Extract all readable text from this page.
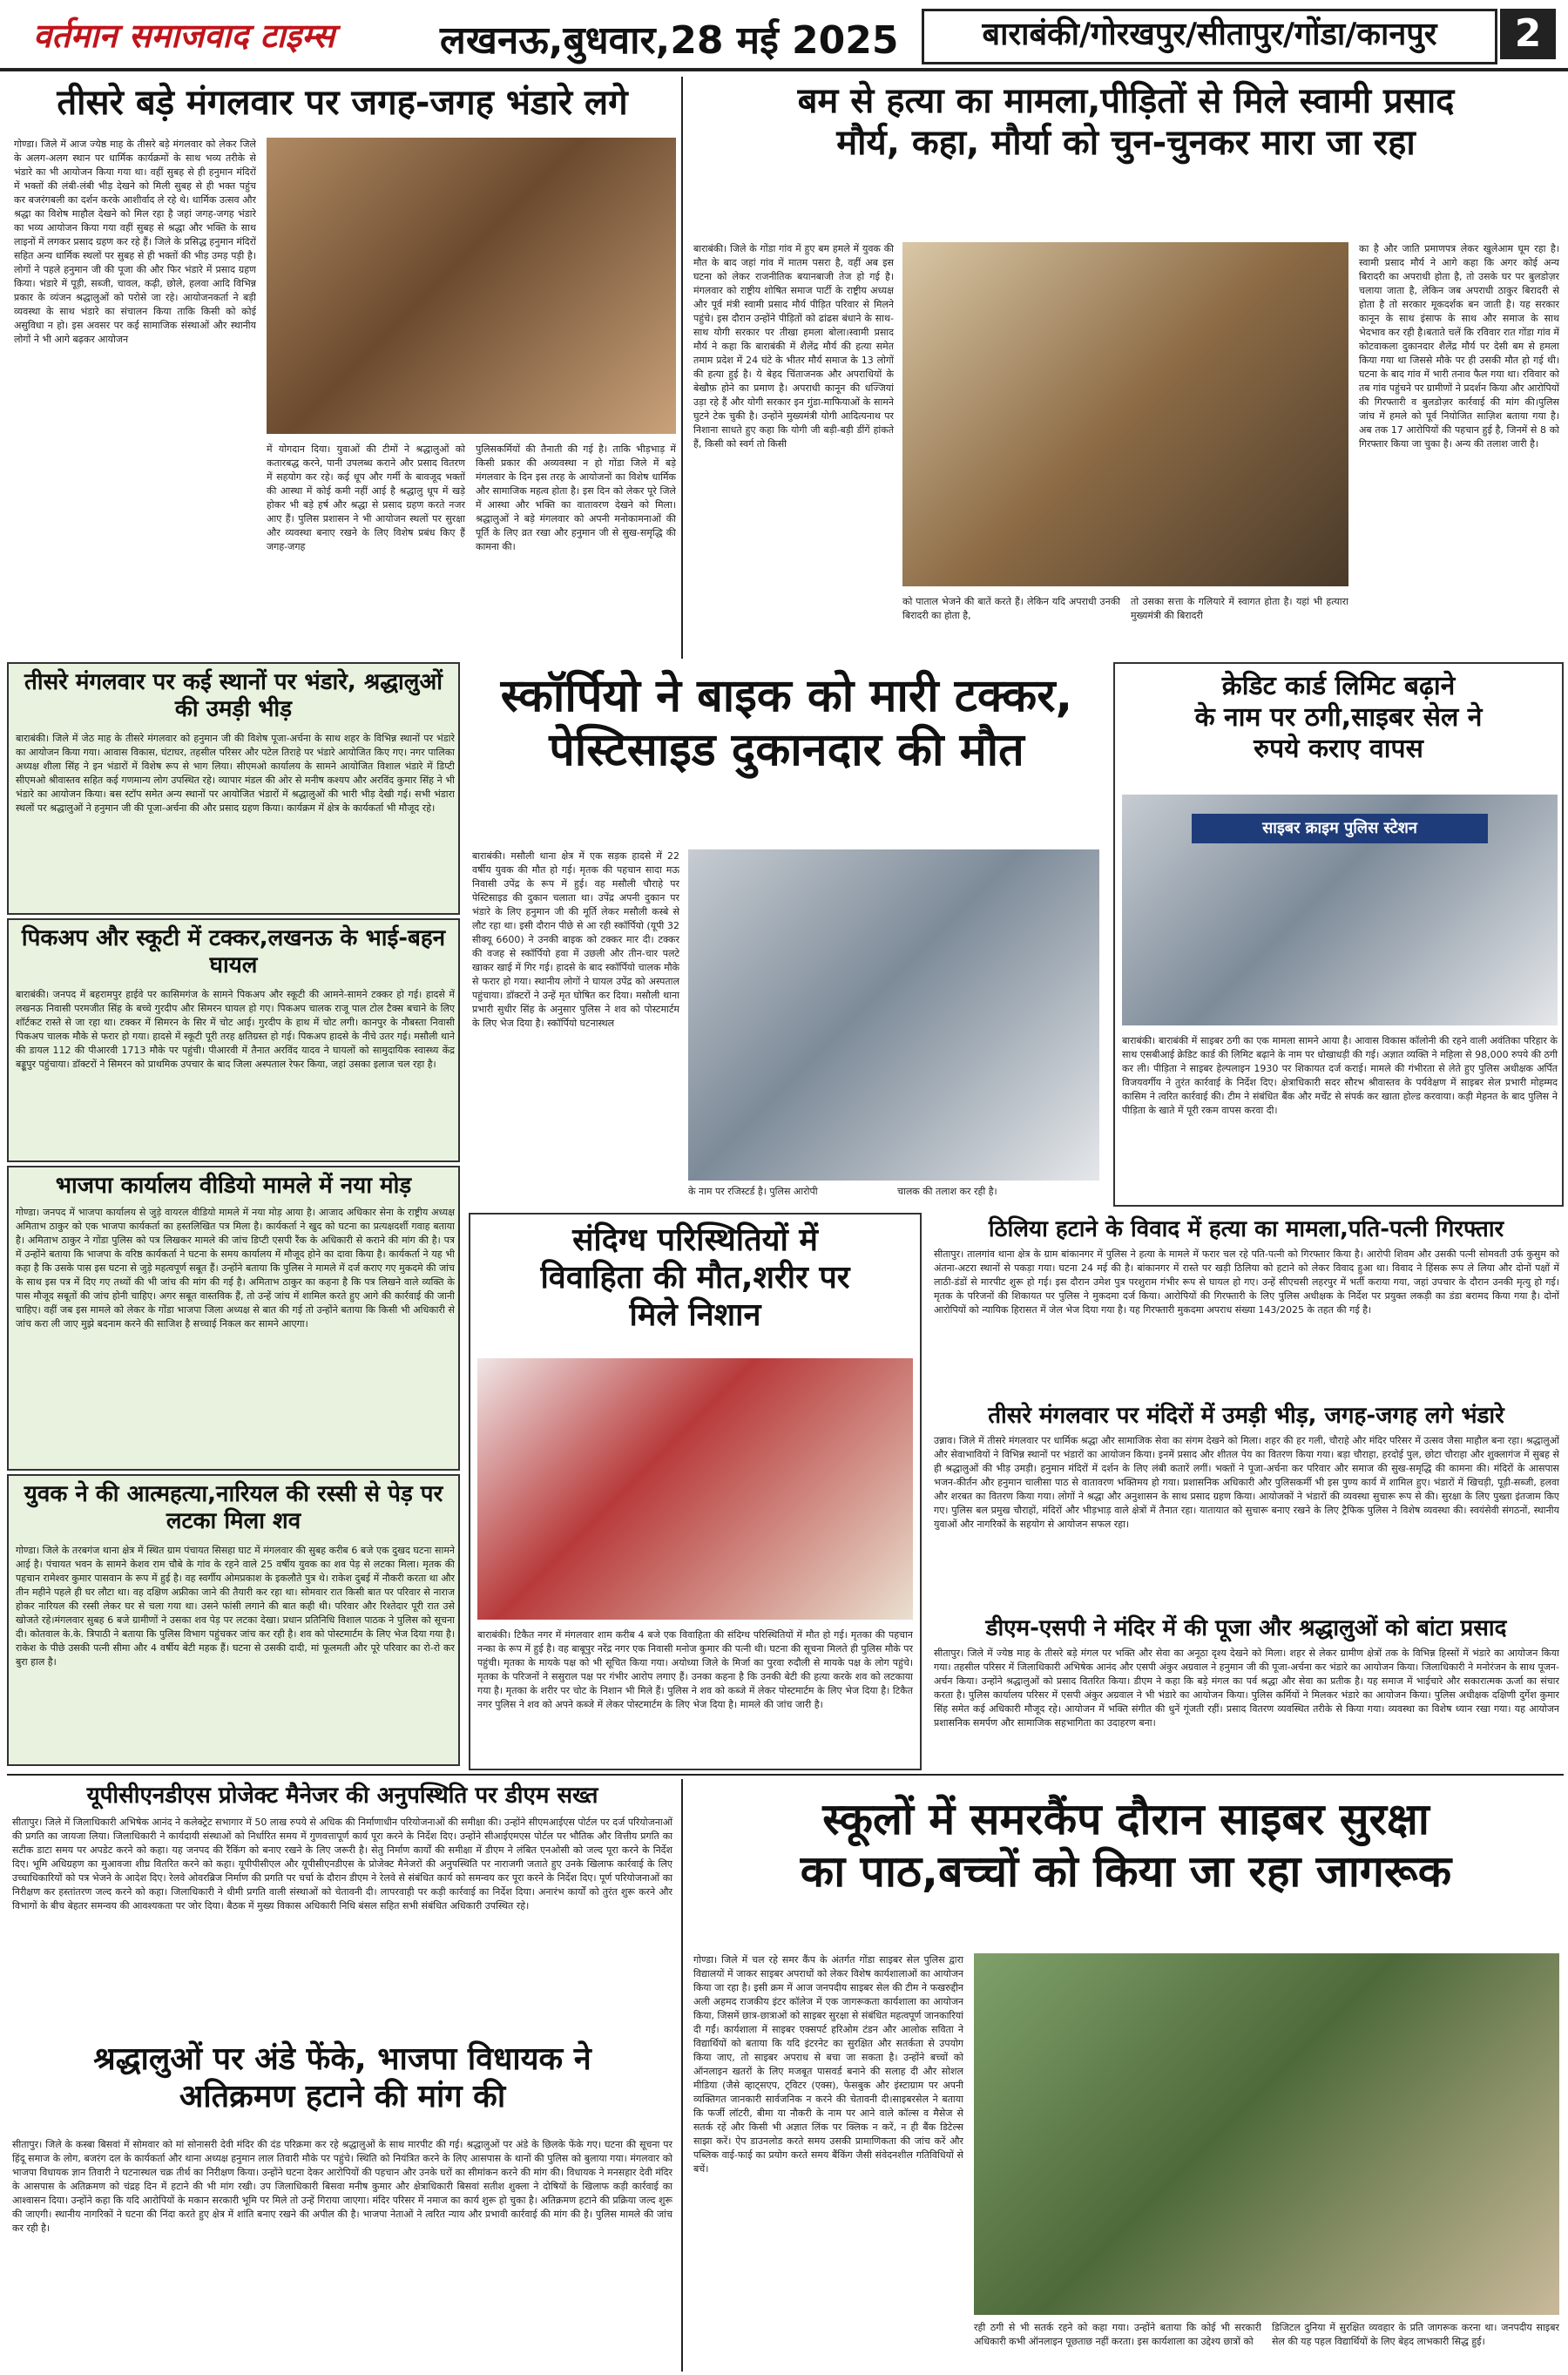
वर्तमान समाजवाद टाइम्स	लखनऊ,बुधवार,28 मई 2025	बाराबंकी/गोरखपुर/सीतापुर/गोंडा/कानपुर	2
तीसरे बड़े मंगलवार पर जगह-जगह भंडारे लगे
गोण्डा। जिले में आज ज्येष्ठ माह के तीसरे बड़े मंगलवार को लेकर जिले के अलग-अलग स्थान पर धार्मिक कार्यक्रमों के साथ भव्य तरीके से भंडारे का भी आयोजन किया गया था। वहीं सुबह से ही हनुमान मंदिरों में भक्तों की लंबी-लंबी भीड़ देखने को मिली सुबह से ही भक्त पहुंच कर बजरंगबली का दर्शन करके आशीर्वाद ले रहे थे। धार्मिक उत्सव और श्रद्धा का विशेष माहौल देखने को मिल रहा है जहां जगह-जगह भंडारे का भव्य आयोजन किया गया वहीं सुबह से श्रद्धा और भक्ति के साथ लाइनों में लगकर प्रसाद ग्रहण कर रहे हैं। जिले के प्रसिद्ध हनुमान मंदिरों सहित अन्य धार्मिक स्थलों पर सुबह से ही भक्तों की भीड़ उमड़ पड़ी है। लोगों ने पहले हनुमान जी की पूजा की और फिर भंडारे में प्रसाद ग्रहण किया। भंडारे में पूड़ी, सब्जी, चावल, कढ़ी, छोले, हलवा आदि विभिन्न प्रकार के व्यंजन श्रद्धालुओं को परोसे जा रहे। आयोजनकर्ता ने बड़ी व्यवस्था के साथ भंडारे का संचालन किया ताकि किसी को कोई असुविधा न हो। इस अवसर पर कई सामाजिक संस्थाओं और स्थानीय लोगों ने भी आगे बढ़कर आयोजन
में योगदान दिया। युवाओं की टीमों ने श्रद्धालुओं को कतारबद्ध करने, पानी उपलब्ध कराने और प्रसाद वितरण में सहयोग कर रहे। कई धूप और गर्मी के बावजूद भक्तों की आस्था में कोई कमी नहीं आई है श्रद्धालु धूप में खड़े होकर भी बड़े हर्ष और श्रद्धा से प्रसाद ग्रहण करते नजर आए हैं। पुलिस प्रशासन ने भी आयोजन स्थलों पर सुरक्षा और व्यवस्था बनाए रखने के लिए विशेष प्रबंध किए हैं जगह-जगह
पुलिसकर्मियों की तैनाती की गई है। ताकि भीड़भाड़ में किसी प्रकार की अव्यवस्था न हो गोंडा जिले में बड़े मंगलवार के दिन इस तरह के आयोजनों का विशेष धार्मिक और सामाजिक महत्व होता है। इस दिन को लेकर पूरे जिले में आस्था और भक्ति का वातावरण देखने को मिला। श्रद्धालुओं ने बड़े मंगलवार को अपनी मनोकामनाओं की पूर्ति के लिए व्रत रखा और हनुमान जी से सुख-समृद्धि की कामना की।
बम से हत्या का मामला,पीड़ितों से मिले स्वामी प्रसाद
मौर्य, कहा, मौर्या को चुन-चुनकर मारा जा रहा
बाराबंकी। जिले के गोंडा गांव में हुए बम हमले में युवक की मौत के बाद जहां गांव में मातम पसरा है, वहीं अब इस घटना को लेकर राजनीतिक बयानबाजी तेज हो गई है। मंगलवार को राष्ट्रीय शोषित समाज पार्टी के राष्ट्रीय अध्यक्ष और पूर्व मंत्री स्वामी प्रसाद मौर्य पीड़ित परिवार से मिलने पहुंचे। इस दौरान उन्होंने पीड़ितों को ढांढस बंधाने के साथ-साथ योगी सरकार पर तीखा हमला बोला।स्वामी प्रसाद मौर्य ने कहा कि बाराबंकी में शैलेंद्र मौर्य की हत्या समेत तमाम प्रदेश में 24 घंटे के भीतर मौर्य समाज के 13 लोगों की हत्या हुई है। ये बेहद चिंताजनक और अपराधियों के बेखौफ़ होने का प्रमाण है। अपराधी कानून की धज्जियां उड़ा रहे हैं और योगी सरकार इन गुंडा-माफियाओं के सामने घुटने टेक चुकी है। उन्होंने मुख्यमंत्री योगी आदित्यनाथ पर निशाना साधते हुए कहा कि योगी जी बड़ी-बड़ी डींगें हांकते हैं, किसी को स्वर्ग तो किसी
को पाताल भेजने की बातें करते हैं। लेकिन यदि अपराधी उनकी बिरादरी का होता है,
तो उसका सत्ता के गलियारे में स्वागत होता है। यहां भी हत्यारा मुख्यमंत्री की बिरादरी
का है और जाति प्रमाणपत्र लेकर खुलेआम घूम रहा है। स्वामी प्रसाद मौर्य ने आगे कहा कि अगर कोई अन्य बिरादरी का अपराधी होता है, तो उसके घर पर बुलडोज़र चलाया जाता है, लेकिन जब अपराधी ठाकुर बिरादरी से होता है तो सरकार मूकदर्शक बन जाती है। यह सरकार कानून के साथ इंसाफ के साथ और समाज के साथ भेदभाव कर रही है।बताते चलें कि रविवार रात गोंडा गांव में कोटवाकला दुकानदार शैलेंद्र मौर्य पर देसी बम से हमला किया गया था जिससे मौके पर ही उसकी मौत हो गई थी। घटना के बाद गांव में भारी तनाव फैल गया था। रविवार को तब गांव पहुंचने पर ग्रामीणों ने प्रदर्शन किया और आरोपियों की गिरफ्तारी व बुलडोज़र कार्रवाई की मांग की।पुलिस जांच में हमले को पूर्व नियोजित साज़िश बताया गया है। अब तक 17 आरोपियों की पहचान हुई है, जिनमें से 8 को गिरफ्तार किया जा चुका है। अन्य की तलाश जारी है।
तीसरे मंगलवार पर कई स्थानों पर भंडारे, श्रद्धालुओं की उमड़ी भीड़
बाराबंकी। जिले में जेठ माह के तीसरे मंगलवार को हनुमान जी की विशेष पूजा-अर्चना के साथ शहर के विभिन्न स्थानों पर भंडारे का आयोजन किया गया। आवास विकास, घंटाघर, तहसील परिसर और पटेल तिराहे पर भंडारे आयोजित किए गए। नगर पालिका अध्यक्ष शीला सिंह ने इन भंडारों में विशेष रूप से भाग लिया। सीएमओ कार्यालय के सामने आयोजित विशाल भंडारे में डिप्टी सीएमओ श्रीवास्तव सहित कई गणमान्य लोग उपस्थित रहे। व्यापार मंडल की ओर से मनीष कश्यप और अरविंद कुमार सिंह ने भी भंडारे का आयोजन किया। बस स्टॉप समेत अन्य स्थानों पर आयोजित भंडारों में श्रद्धालुओं की भारी भीड़ देखी गई। सभी भंडारा स्थलों पर श्रद्धालुओं ने हनुमान जी की पूजा-अर्चना की और प्रसाद ग्रहण किया। कार्यक्रम में क्षेत्र के कार्यकर्ता भी मौजूद रहे।
पिकअप और स्कूटी में टक्कर,लखनऊ के भाई-बहन घायल
बाराबंकी। जनपद में बहरामपुर हाईवे पर कासिमगंज के सामने पिकअप और स्कूटी की आमने-सामने टक्कर हो गई। हादसे में लखनऊ निवासी परमजीत सिंह के बच्चे गुरदीप और सिमरन घायल हो गए। पिकअप चालक राजू पाल टोल टैक्स बचाने के लिए शॉर्टकट रास्ते से जा रहा था। टक्कर में सिमरन के सिर में चोट आई। गुरदीप के हाथ में चोट लगी। कानपुर के नौबस्ता निवासी पिकअप चालक मौके से फरार हो गया। हादसे में स्कूटी पूरी तरह क्षतिग्रस्त हो गई। पिकअप हादसे के नीचे उतर गई। मसौली थाने की डायल 112 की पीआरवी 1713 मौके पर पहुंची। पीआरवी में तैनात अरविंद यादव ने घायलों को सामुदायिक स्वास्थ्य केंद्र बड्डूपुर पहुंचाया। डॉक्टरों ने सिमरन को प्राथमिक उपचार के बाद जिला अस्पताल रेफर किया, जहां उसका इलाज चल रहा है।
भाजपा कार्यालय वीडियो मामले में नया मोड़
गोण्डा। जनपद में भाजपा कार्यालय से जुड़े वायरल वीडियो मामले में नया मोड़ आया है। आजाद अधिकार सेना के राष्ट्रीय अध्यक्ष अमिताभ ठाकुर को एक भाजपा कार्यकर्ता का हस्तलिखित पत्र मिला है। कार्यकर्ता ने खुद को घटना का प्रत्यक्षदर्शी गवाह बताया है। अमिताभ ठाकुर ने गोंडा पुलिस को पत्र लिखकर मामले की जांच डिप्टी एसपी रैंक के अधिकारी से कराने की मांग की है। पत्र में उन्होंने बताया कि भाजपा के वरिष्ठ कार्यकर्ता ने घटना के समय कार्यालय में मौजूद होने का दावा किया है। कार्यकर्ता ने यह भी कहा है कि उसके पास इस घटना से जुड़े महत्वपूर्ण सबूत हैं। उन्होंने बताया कि पुलिस ने मामले में दर्ज कराए गए मुकदमे की जांच के साथ इस पत्र में दिए गए तथ्यों की भी जांच की मांग की गई है। अमिताभ ठाकुर का कहना है कि पत्र लिखने वाले व्यक्ति के पास मौजूद सबूतों की जांच होनी चाहिए। अगर सबूत वास्तविक हैं, तो उन्हें जांच में शामिल करते हुए आगे की कार्रवाई की जानी चाहिए। वहीं जब इस मामले को लेकर के गोंडा भाजपा जिला अध्यक्ष से बात की गई तो उन्होंने बताया कि किसी भी अधिकारी से जांच करा ली जाए मुझे बदनाम करने की साजिश है सच्चाई निकल कर सामने आएगा।
युवक ने की आत्महत्या,नारियल की रस्सी से पेड़ पर लटका मिला शव
गोण्डा। जिले के तरबगंज थाना क्षेत्र में स्थित ग्राम पंचायत सिसहा घाट में मंगलवार की सुबह करीब 6 बजे एक दुखद घटना सामने आई है। पंचायत भवन के सामने केशव राम चौबे के गांव के रहने वाले 25 वर्षीय युवक का शव पेड़ से लटका मिला। मृतक की पहचान रामेश्वर कुमार पासवान के रूप में हुई है। वह स्वर्गीय ओमप्रकाश के इकलौते पुत्र थे। राकेश दुबई में नौकरी करता था और तीन महीने पहले ही घर लौटा था। वह दक्षिण अफ्रीका जाने की तैयारी कर रहा था। सोमवार रात किसी बात पर परिवार से नाराज होकर नारियल की रस्सी लेकर घर से चला गया था। उसने फांसी लगाने की बात कही थी। परिवार और रिश्तेदार पूरी रात उसे खोजते रहे।मंगलवार सुबह 6 बजे ग्रामीणों ने उसका शव पेड़ पर लटका देखा। प्रधान प्रतिनिधि विशाल पाठक ने पुलिस को सूचना दी। कोतवाल के.के. त्रिपाठी ने बताया कि पुलिस विभाग पहुंचकर जांच कर रही है। शव को पोस्टमार्टम के लिए भेज दिया गया है। राकेश के पीछे उसकी पत्नी सीमा और 4 वर्षीय बेटी महक हैं। घटना से उसकी दादी, मां फूलमती और पूरे परिवार का रो-रो कर बुरा हाल है।
स्कॉर्पियो ने बाइक को मारी टक्कर,
पेस्टिसाइड दुकानदार की मौत
बाराबंकी। मसौली थाना क्षेत्र में एक सड़क हादसे में 22 वर्षीय युवक की मौत हो गई। मृतक की पहचान सादा मऊ निवासी उपेंद्र के रूप में हुई। वह मसौली चौराहे पर पेस्टिसाइड की दुकान चलाता था। उपेंद्र अपनी दुकान पर भंडारे के लिए हनुमान जी की मूर्ति लेकर मसौली कस्बे से लौट रहा था। इसी दौरान पीछे से आ रही स्कॉर्पियो (यूपी 32 सीक्यू 6600) ने उनकी बाइक को टक्कर मार दी। टक्कर की वजह से स्कॉर्पियो हवा में उछली और तीन-चार पलटे खाकर खाई में गिर गई। हादसे के बाद स्कॉर्पियो चालक मौके से फरार हो गया। स्थानीय लोगों ने घायल उपेंद्र को अस्पताल पहुंचाया। डॉक्टरों ने उन्हें मृत घोषित कर दिया। मसौली थाना प्रभारी सुधीर सिंह के अनुसार पुलिस ने शव को पोस्टमार्टम के लिए भेज दिया है। स्कॉर्पियो घटनास्थल
के नाम पर रजिस्टर्ड है। पुलिस आरोपी	चालक की तलाश कर रही है।
क्रेडिट कार्ड लिमिट बढ़ाने
के नाम पर ठगी,साइबर सेल ने
रुपये कराए वापस
साइबर क्राइम पुलिस स्टेशन
बाराबंकी। बाराबंकी में साइबर ठगी का एक मामला सामने आया है। आवास विकास कॉलोनी की रहने वाली अवंतिका परिहार के साथ एसबीआई क्रेडिट कार्ड की लिमिट बढ़ाने के नाम पर धोखाधड़ी की गई। अज्ञात व्यक्ति ने महिला से 98,000 रुपये की ठगी कर ली। पीड़िता ने साइबर हेल्पलाइन 1930 पर शिकायत दर्ज कराई। मामले की गंभीरता से लेते हुए पुलिस अधीक्षक अर्पित विजयवर्गीय ने तुरंत कार्रवाई के निर्देश दिए। क्षेत्राधिकारी सदर सौरभ श्रीवास्तव के पर्यवेक्षण में साइबर सेल प्रभारी मोहम्मद कासिम ने त्वरित कार्रवाई की। टीम ने संबंधित बैंक और मर्चेंट से संपर्क कर खाता होल्ड करवाया। कड़ी मेहनत के बाद पुलिस ने पीड़िता के खाते में पूरी रकम वापस करवा दी।
संदिग्ध परिस्थितियों में
विवाहिता की मौत,शरीर पर
मिले निशान
बाराबंकी। टिकैत नगर में मंगलवार शाम करीब 4 बजे एक विवाहिता की संदिग्ध परिस्थितियों में मौत हो गई। मृतका की पहचान नन्का के रूप में हुई है। वह बाबूपुर नरेंद्र नगर एक निवासी मनोज कुमार की पत्नी थी। घटना की सूचना मिलते ही पुलिस मौके पर पहुंची। मृतका के मायके पक्ष को भी सूचित किया गया। अयोध्या जिले के मिर्जा का पुरवा रुदौली से मायके पक्ष के लोग पहुंचे। मृतका के परिजनों ने ससुराल पक्ष पर गंभीर आरोप लगाए हैं। उनका कहना है कि उनकी बेटी की हत्या करके शव को लटकाया गया है। मृतका के शरीर पर चोट के निशान भी मिले हैं। पुलिस ने शव को कब्जे में लेकर पोस्टमार्टम के लिए भेज दिया है। टिकैत नगर पुलिस ने शव को अपने कब्जे में लेकर पोस्टमार्टम के लिए भेज दिया है। मामले की जांच जारी है।
ठिलिया हटाने के विवाद में हत्या का मामला,पति-पत्नी गिरफ्तार
सीतापुर। तालगांव थाना क्षेत्र के ग्राम बांकानगर में पुलिस ने हत्या के मामले में फरार चल रहे पति-पत्नी को गिरफ्तार किया है। आरोपी शिवम और उसकी पत्नी सोमवती उर्फ कुसुम को अंतना-अटरा स्थानों से पकड़ा गया। घटना 24 मई की है। बांकानगर में रास्ते पर खड़ी ठिलिया को हटाने को लेकर विवाद हुआ था। विवाद ने हिंसक रूप ले लिया और दोनों पक्षों में लाठी-डंडों से मारपीट शुरू हो गई। इस दौरान उमेश पुत्र परशुराम गंभीर रूप से घायल हो गए। उन्हें सीएचसी लहरपुर में भर्ती कराया गया, जहां उपचार के दौरान उनकी मृत्यु हो गई। मृतक के परिजनों की शिकायत पर पुलिस ने मुकदमा दर्ज किया। आरोपियों की गिरफ्तारी के लिए पुलिस अधीक्षक के निर्देश पर प्रयुक्त लकड़ी का डंडा बरामद किया गया है। दोनों आरोपियों को न्यायिक हिरासत में जेल भेज दिया गया है। यह गिरफ्तारी मुकदमा अपराध संख्या 143/2025 के तहत की गई है।
तीसरे मंगलवार पर मंदिरों में उमड़ी भीड़, जगह-जगह लगे भंडारे
उन्नाव। जिले में तीसरे मंगलवार पर धार्मिक श्रद्धा और सामाजिक सेवा का संगम देखने को मिला। शहर की हर गली, चौराहे और मंदिर परिसर में उत्सव जैसा माहौल बना रहा। श्रद्धालुओं और सेवाभावियों ने विभिन्न स्थानों पर भंडारों का आयोजन किया। इनमें प्रसाद और शीतल पेय का वितरण किया गया। बड़ा चौराहा, हरदोई पुल, छोटा चौराहा और शुक्लागंज में सुबह से ही श्रद्धालुओं की भीड़ उमड़ी। हनुमान मंदिरों में दर्शन के लिए लंबी कतारें लगीं। भक्तों ने पूजा-अर्चना कर परिवार और समाज की सुख-समृद्धि की कामना की। मंदिरों के आसपास भजन-कीर्तन और हनुमान चालीसा पाठ से वातावरण भक्तिमय हो गया। प्रशासनिक अधिकारी और पुलिसकर्मी भी इस पुण्य कार्य में शामिल हुए। भंडारों में खिचड़ी, पूड़ी-सब्जी, हलवा और शरबत का वितरण किया गया। लोगों ने श्रद्धा और अनुशासन के साथ प्रसाद ग्रहण किया। आयोजकों ने भंडारों की व्यवस्था सुचारू रूप से की। सुरक्षा के लिए पुख्ता इंतजाम किए गए। पुलिस बल प्रमुख चौराहों, मंदिरों और भीड़भाड़ वाले क्षेत्रों में तैनात रहा। यातायात को सुचारू बनाए रखने के लिए ट्रैफिक पुलिस ने विशेष व्यवस्था की। स्वयंसेवी संगठनों, स्थानीय युवाओं और नागरिकों के सहयोग से आयोजन सफल रहा।
डीएम-एसपी ने मंदिर में की पूजा और श्रद्धालुओं को बांटा प्रसाद
सीतापुर। जिले में ज्येष्ठ माह के तीसरे बड़े मंगल पर भक्ति और सेवा का अनूठा दृश्य देखने को मिला। शहर से लेकर ग्रामीण क्षेत्रों तक के विभिन्न हिस्सों में भंडारे का आयोजन किया गया। तहसील परिसर में जिलाधिकारी अभिषेक आनंद और एसपी अंकुर अग्रवाल ने हनुमान जी की पूजा-अर्चना कर भंडारे का आयोजन किया। जिलाधिकारी ने मनोरंजन के साथ पूजन-अर्चन किया। उन्होंने श्रद्धालुओं को प्रसाद वितरित किया। डीएम ने कहा कि बड़े मंगल का पर्व श्रद्धा और सेवा का प्रतीक है। यह समाज में भाईचारे और सकारात्मक ऊर्जा का संचार करता है। पुलिस कार्यालय परिसर में एसपी अंकुर अग्रवाल ने भी भंडारे का आयोजन किया। पुलिस कर्मियों ने मिलकर भंडारे का आयोजन किया। पुलिस अधीक्षक दक्षिणी दुर्गेश कुमार सिंह समेत कई अधिकारी मौजूद रहे। आयोजन में भक्ति संगीत की धुनें गूंजती रहीं। प्रसाद वितरण व्यवस्थित तरीके से किया गया। व्यवस्था का विशेष ध्यान रखा गया। यह आयोजन प्रशासनिक समर्पण और सामाजिक सहभागिता का उदाहरण बना।
यूपीसीएनडीएस प्रोजेक्ट मैनेजर की अनुपस्थिति पर डीएम सख्त
सीतापुर। जिले में जिलाधिकारी अभिषेक आनंद ने कलेक्ट्रेट सभागार में 50 लाख रुपये से अधिक की निर्माणाधीन परियोजनाओं की समीक्षा की। उन्होंने सीएमआईएस पोर्टल पर दर्ज परियोजनाओं की प्रगति का जायजा लिया। जिलाधिकारी ने कार्यदायी संस्थाओं को निर्धारित समय में गुणवत्तापूर्ण कार्य पूरा करने के निर्देश दिए। उन्होंने सीआईएमएस पोर्टल पर भौतिक और वित्तीय प्रगति का सटीक डाटा समय पर अपडेट करने को कहा। यह जनपद की रैंकिंग को बनाए रखने के लिए जरूरी है। सेतु निर्माण कार्यों की समीक्षा में डीएम ने लंबित एनओसी को जल्द पूरा करने के निर्देश दिए। भूमि अधिग्रहण का मुआवजा शीघ्र वितरित करने को कहा। यूपीपीसीएल और यूपीसीएनडीएस के प्रोजेक्ट मैनेजरों की अनुपस्थिति पर नाराजगी जताते हुए उनके खिलाफ कार्रवाई के लिए उच्चाधिकारियों को पत्र भेजने के आदेश दिए। रेलवे ओवरब्रिज निर्माण की प्रगति पर चर्चा के दौरान डीएम ने रेलवे से संबंधित कार्य को समन्वय कर पूरा करने के निर्देश दिए। पूर्ण परियोजनाओं का निरीक्षण कर हस्तांतरण जल्द करने को कहा। जिलाधिकारी ने धीमी प्रगति वाली संस्थाओं को चेतावनी दी। लापरवाही पर कड़ी कार्रवाई का निर्देश दिया। अनारंभ कार्यों को तुरंत शुरू करने और विभागों के बीच बेहतर समन्वय की आवश्यकता पर जोर दिया। बैठक में मुख्य विकास अधिकारी निधि बंसल सहित सभी संबंधित अधिकारी उपस्थित रहे।
श्रद्धालुओं पर अंडे फेंके, भाजपा विधायक ने
अतिक्रमण हटाने की मांग की
सीतापुर। जिले के कस्बा बिसवां में सोमवार को मां सोनासरी देवी मंदिर की दंड परिक्रमा कर रहे श्रद्धालुओं के साथ मारपीट की गई। श्रद्धालुओं पर अंडे के छिलके फेंके गए। घटना की सूचना पर हिंदू समाज के लोग, बजरंग दल के कार्यकर्ता और थाना अध्यक्ष हनुमान लाल तिवारी मौके पर पहुंचे। स्थिति को नियंत्रित करने के लिए आसपास के थानों की पुलिस को बुलाया गया। मंगलवार को भाजपा विधायक ज्ञान तिवारी ने घटनास्थल चक्र तीर्थ का निरीक्षण किया। उन्होंने घटना देकर आरोपियों की पहचान और उनके घरों का सीमांकन करने की मांग की। विधायक ने मनसहार देवी मंदिर के आसपास के अतिक्रमण को चंद्रह दिन में हटाने की भी मांग रखी। उप जिलाधिकारी बिसवा मनीष कुमार और क्षेत्राधिकारी बिसवां सतीश शुक्ला ने दोषियों के खिलाफ कड़ी कार्रवाई का आश्वासन दिया। उन्होंने कहा कि यदि आरोपियों के मकान सरकारी भूमि पर मिले तो उन्हें गिराया जाएगा। मंदिर परिसर में नमाज का कार्य शुरू हो चुका है। अतिक्रमण हटाने की प्रक्रिया जल्द शुरू की जाएगी। स्थानीय नागरिकों ने घटना की निंदा करते हुए क्षेत्र में शांति बनाए रखने की अपील की है। भाजपा नेताओं ने त्वरित न्याय और प्रभावी कार्रवाई की मांग की है। पुलिस मामले की जांच कर रही है।
स्कूलों में समरकैंप दौरान साइबर सुरक्षा
का पाठ,बच्चों को किया जा रहा जागरूक
गोण्डा। जिले में चल रहे समर कैंप के अंतर्गत गोंडा साइबर सेल पुलिस द्वारा विद्यालयों में जाकर साइबर अपराधों को लेकर विशेष कार्यशालाओं का आयोजन किया जा रहा है। इसी क्रम में आज जनपदीय साइबर सेल की टीम ने फखरुद्दीन अली अहमद राजकीय इंटर कॉलेज में एक जागरूकता कार्यशाला का आयोजन किया, जिसमें छात्र-छात्राओं को साइबर सुरक्षा से संबंधित महत्वपूर्ण जानकारियां दी गईं। कार्यशाला में साइबर एक्सपर्ट हरिओम टंडन और आलोक सविता ने विद्यार्थियों को बताया कि यदि इंटरनेट का सुरक्षित और सतर्कता से उपयोग किया जाए, तो साइबर अपराध से बचा जा सकता है। उन्होंने बच्चों को ऑनलाइन खतरों के लिए मजबूत पासवर्ड बनाने की सलाह दी और सोशल मीडिया (जैसे व्हाट्सएप, ट्विटर (एक्स), फेसबुक और इंस्टाग्राम पर अपनी व्यक्तिगत जानकारी सार्वजनिक न करने की चेतावनी दी।साइबरसेल ने बताया कि फर्जी लॉटरी, बीमा या नौकरी के नाम पर आने वाले कॉल्स व मैसेज से सतर्क रहें और किसी भी अज्ञात लिंक पर क्लिक न करें, न ही बैंक डिटेल्स साझा करें। ऐप डाउनलोड करते समय उसकी प्रामाणिकता की जांच करें और पब्लिक वाई-फाई का प्रयोग करते समय बैंकिंग जैसी संवेदनशील गतिविधियों से बचें।
रही ठगी से भी सतर्क रहने को कहा गया। उन्होंने बताया कि कोई भी सरकारी अधिकारी कभी ऑनलाइन पूछताछ नहीं करता। इस कार्यशाला का उद्देश्य छात्रों को
डिजिटल दुनिया में सुरक्षित व्यवहार के प्रति जागरूक करना था। जनपदीय साइबर सेल की यह पहल विद्यार्थियों के लिए बेहद लाभकारी सिद्ध हुई।
